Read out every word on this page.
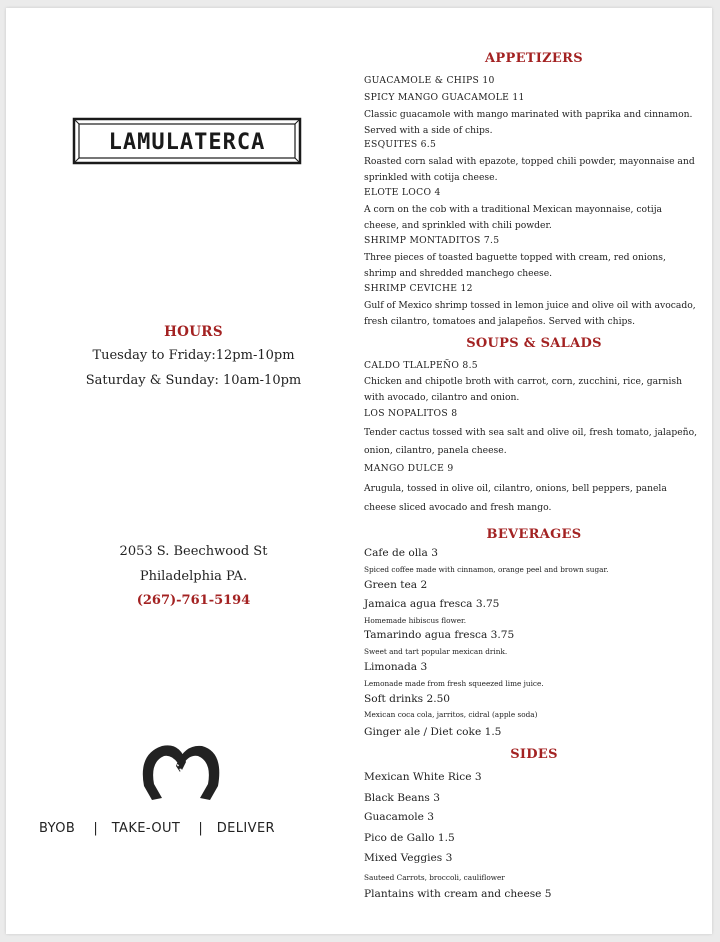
LAMULATERCA
HOURS
Tuesday to Friday:12pm-10pm
Saturday & Sunday: 10am-10pm
2053 S. Beechwood St
Philadelphia PA.
(267)-761-5194
BYOB    |   TAKE-OUT    |   DELIVER
APPETIZERS
GUACAMOLE & CHIPS 10
SPICY MANGO GUACAMOLE 11
Classic guacamole with mango marinated with paprika and cinnamon. Served with a side of chips.
ESQUITES 6.5
Roasted corn salad with epazote, topped chili powder, mayonnaise and sprinkled with cotija cheese.
ELOTE LOCO 4
A corn on the cob with a traditional Mexican mayonnaise, cotija cheese, and sprinkled with chili powder.
SHRIMP MONTADITOS 7.5
Three pieces of toasted baguette topped with cream, red onions, shrimp and shredded manchego cheese.
SHRIMP CEVICHE 12
Gulf of Mexico shrimp tossed in lemon juice and olive oil with avocado, fresh cilantro, tomatoes and jalapeños. Served with chips.
SOUPS & SALADS
CALDO TLALPEÑO 8.5
Chicken and chipotle broth with carrot, corn, zucchini, rice, garnish with avocado, cilantro and onion.
LOS NOPALITOS 8
Tender cactus tossed with sea salt and olive oil, fresh tomato, jalapeño, onion, cilantro, panela cheese.
MANGO DULCE 9
Arugula, tossed in olive oil, cilantro, onions, bell peppers, panela cheese sliced avocado and fresh mango.
BEVERAGES
Cafe de olla 3
Spiced coffee made with cinnamon, orange peel and brown sugar.
Green tea 2
Jamaica agua fresca 3.75
Homemade hibiscus flower.
Tamarindo agua fresca 3.75
Sweet and tart popular mexican drink.
Limonada 3
Lemonade made from fresh squeezed lime juice.
Soft drinks 2.50
Mexican coca cola, jarritos, cidral (apple soda)
Ginger ale / Diet coke 1.5
SIDES
Mexican White Rice 3
Black Beans 3
Guacamole 3
Pico de Gallo 1.5
Mixed Veggies 3
Sauteed Carrots, broccoli, cauliflower
Plantains with cream and cheese 5
